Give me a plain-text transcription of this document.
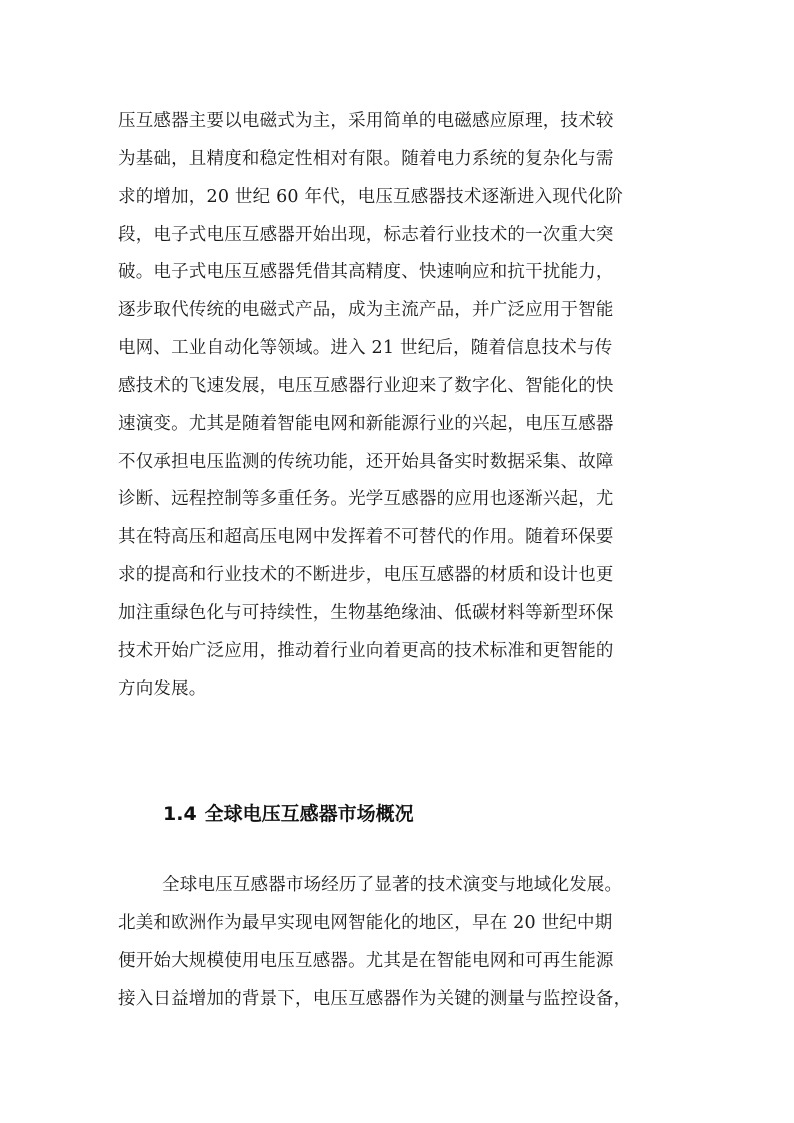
压互感器主要以电磁式为主，采用简单的电磁感应原理，技术较
为基础，且精度和稳定性相对有限。随着电力系统的复杂化与需
求的增加，20 世纪 60 年代，电压互感器技术逐渐进入现代化阶
段，电子式电压互感器开始出现，标志着行业技术的一次重大突
破。电子式电压互感器凭借其高精度、快速响应和抗干扰能力，
逐步取代传统的电磁式产品，成为主流产品，并广泛应用于智能
电网、工业自动化等领域。进入 21 世纪后，随着信息技术与传
感技术的飞速发展，电压互感器行业迎来了数字化、智能化的快
速演变。尤其是随着智能电网和新能源行业的兴起，电压互感器
不仅承担电压监测的传统功能，还开始具备实时数据采集、故障
诊断、远程控制等多重任务。光学互感器的应用也逐渐兴起，尤
其在特高压和超高压电网中发挥着不可替代的作用。随着环保要
求的提高和行业技术的不断进步，电压互感器的材质和设计也更
加注重绿色化与可持续性，生物基绝缘油、低碳材料等新型环保
技术开始广泛应用，推动着行业向着更高的技术标准和更智能的
方向发展。
1.4 全球电压互感器市场概况
全球电压互感器市场经历了显著的技术演变与地域化发展。
北美和欧洲作为最早实现电网智能化的地区，早在 20 世纪中期
便开始大规模使用电压互感器。尤其是在智能电网和可再生能源
接入日益增加的背景下，电压互感器作为关键的测量与监控设备，
